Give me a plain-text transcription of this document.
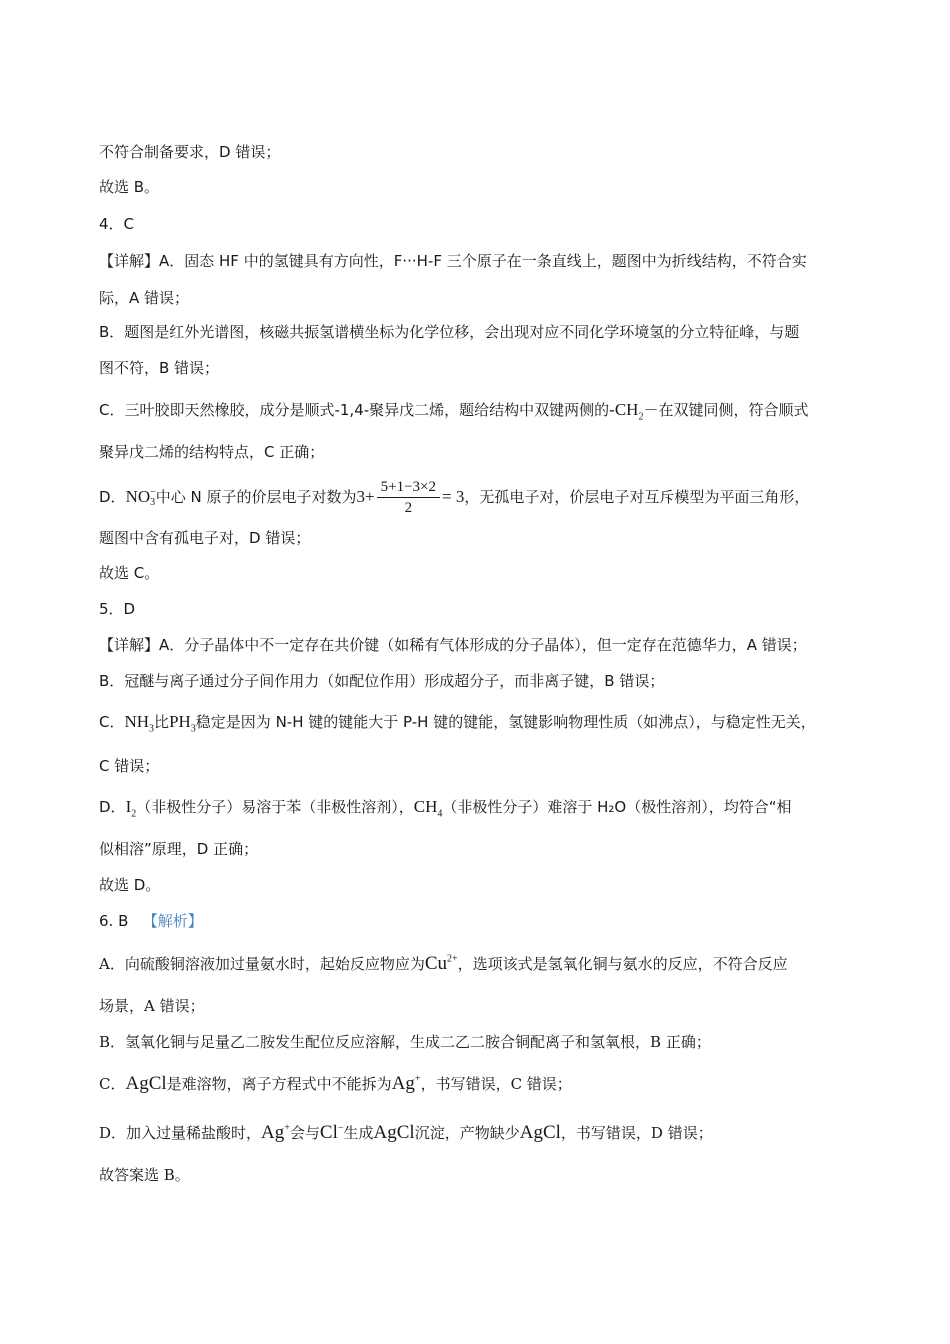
不符合制备要求，D 错误；
故选 B。
4．C
【详解】A．固态 HF 中的氢键具有方向性，F···H-F 三个原子在一条直线上，题图中为折线结构，不符合实
际，A 错误；
B．题图是红外光谱图，核磁共振氢谱横坐标为化学位移，会出现对应不同化学环境氢的分立特征峰，与题
图不符，B 错误；
C．三叶胶即天然橡胶，成分是顺式-1,4-聚异戊二烯，题给结构中双键两侧的$-CH_2-$在双键同侧，符合顺式
聚异戊二烯的结构特点，C 正确；
D．NO −
3 中心 N 原子的价层电子对数为$3+ \frac{5+1-3\times 2}{2} = 3$，无孤电子对，价层电子对互斥模型为平面三角形，
题图中含有孤电子对，D 错误；
故选 C。
5．D
【详解】A．分子晶体中不一定存在共价键（如稀有气体形成的分子晶体），但一定存在范德华力，A 错误；
B．冠醚与离子通过分子间作用力（如配位作用）形成超分子，而非离子键，B 错误；
C．$NH_3$比$PH_3$稳定是因为 N-H 键的键能大于 P-H 键的键能，氢键影响物理性质（如沸点），与稳定性无关，
C 错误；
D．$I_2$（非极性分子）易溶于苯（非极性溶剂），$CH_4$（非极性分子）难溶于 H₂O（极性溶剂），均符合“相
似相溶”原理，D 正确；
故选 D。
6. B 【解析】
A．向硫酸铜溶液加过量氨水时，起始反应物应为$Cu^{2+}$，选项该式是氢氧化铜与氨水的反应，不符合反应
场景，A 错误；
B．氢氧化铜与足量乙二胺发生配位反应溶解，生成二乙二胺合铜配离子和氢氧根，B 正确；
C．AgCl是难溶物，离子方程式中不能拆为Ag+，书写错误，C 错误；
D．加入过量稀盐酸时，Ag+会与Cl−生成AgCl沉淀，产物缺少AgCl，书写错误，D 错误；
故答案选 B。
